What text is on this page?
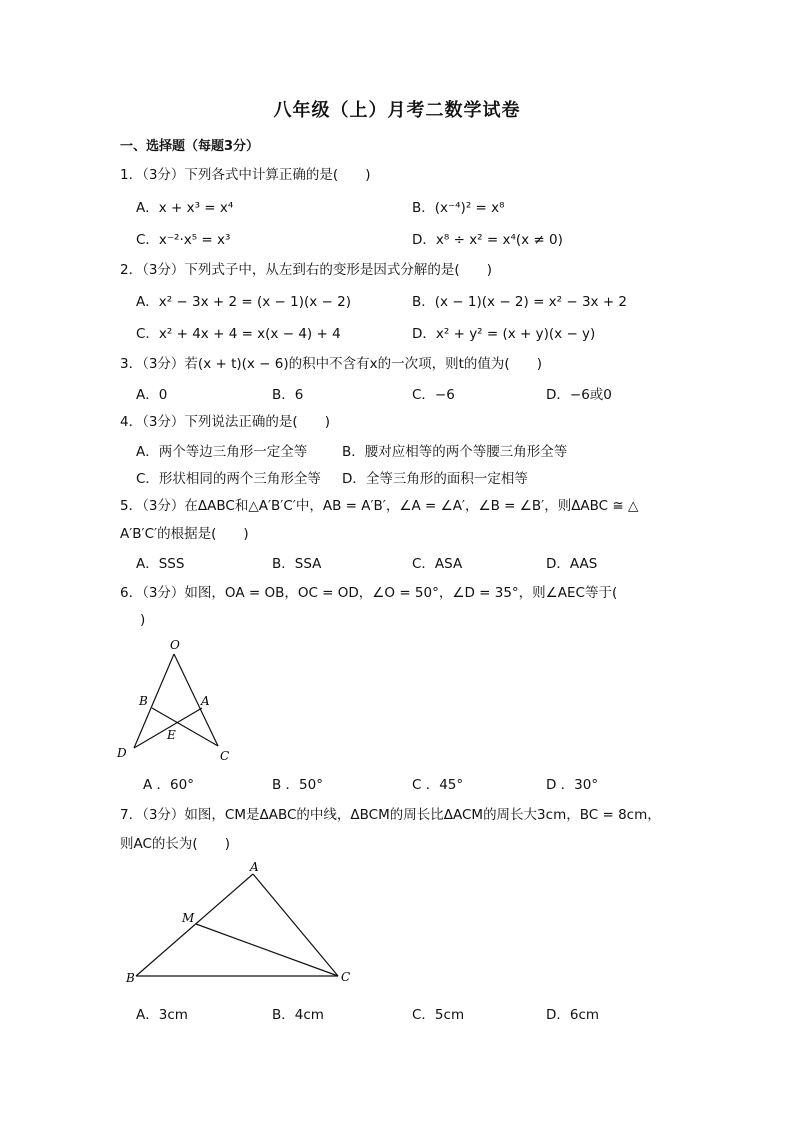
八年级（上）月考二数学试卷
一、选择题（每题3分）
1．（3分）下列各式中计算正确的是(　　)
A．x + x³ = x⁴	B．(x⁻⁴)² = x⁸
C．x⁻²·x⁵ = x³	D．x⁸ ÷ x² = x⁴(x ≠ 0)
2．（3分）下列式子中，从左到右的变形是因式分解的是(　　)
A．x² − 3x + 2 = (x − 1)(x − 2)	B．(x − 1)(x − 2) = x² − 3x + 2
C．x² + 4x + 4 = x(x − 4) + 4	D．x² + y² = (x + y)(x − y)
3．（3分）若(x + t)(x − 6)的积中不含有x的一次项，则t的值为(　　)
A．0	B．6	C．−6	D．−6或0
4．（3分）下列说法正确的是(　　)
A．两个等边三角形一定全等	B．腰对应相等的两个等腰三角形全等
C．形状相同的两个三角形全等 D．全等三角形的面积一定相等
5．（3分）在ΔABC和△A′B′C′中，AB = A′B′，∠A = ∠A′，∠B = ∠B′，则ΔABC ≅ △
A′B′C′的根据是(　　)
A．SSS	B．SSA	C．ASA	D．AAS
6．（3分）如图，OA = OB，OC = OD，∠O = 50°，∠D = 35°，则∠AEC等于(
)
O
B	A
E
D	C
A ．60°	B ．50°	C ．45°	D ．30°
7．（3分）如图，CM是ΔABC的中线，ΔBCM的周长比ΔACM的周长大3cm，BC = 8cm，
则AC的长为(　　)
A
M
B	C
A．3cm	B．4cm	C．5cm	D．6cm
